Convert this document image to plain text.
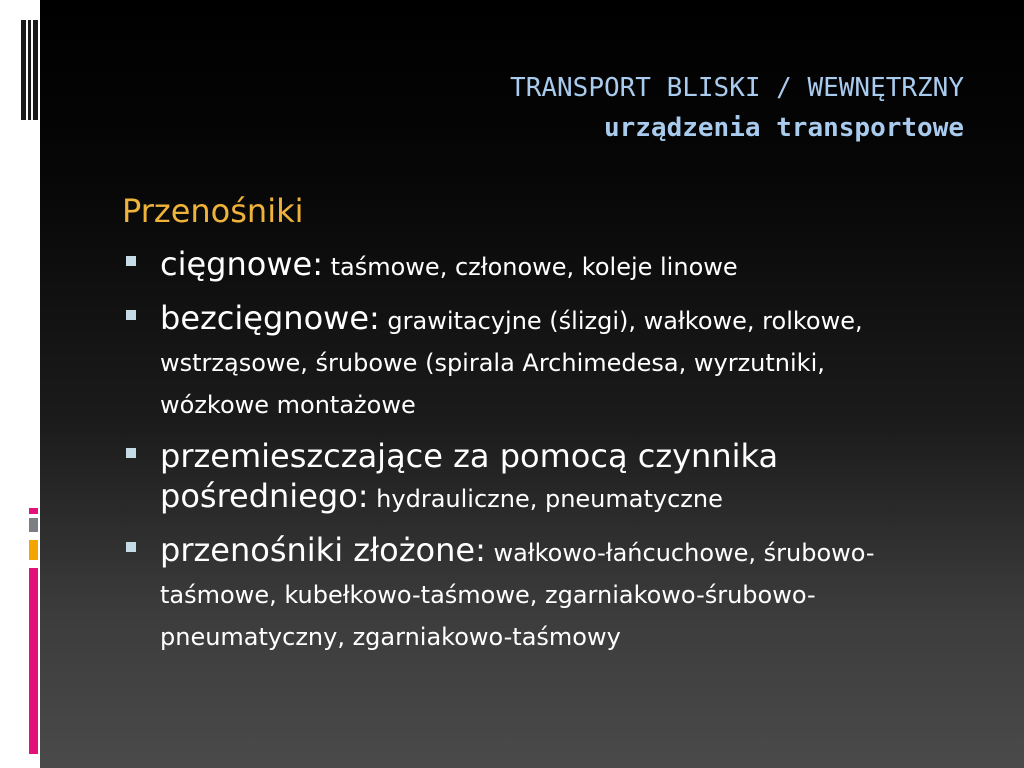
TRANSPORT BLISKI / WEWNĘTRZNY
urządzenia transportowe
Przenośniki
cięgnowe: taśmowe, członowe, koleje linowe
bezcięgnowe: grawitacyjne (ślizgi), wałkowe, rolkowe, wstrząsowe, śrubowe (spirala Archimedesa, wyrzutniki, wózkowe montażowe
przemieszczające za pomocą czynnika pośredniego: hydrauliczne, pneumatyczne
przenośniki złożone: wałkowo-łańcuchowe, śrubowo-taśmowe, kubełkowo-taśmowe, zgarniakowo-śrubowo-pneumatyczny, zgarniakowo-taśmowy
